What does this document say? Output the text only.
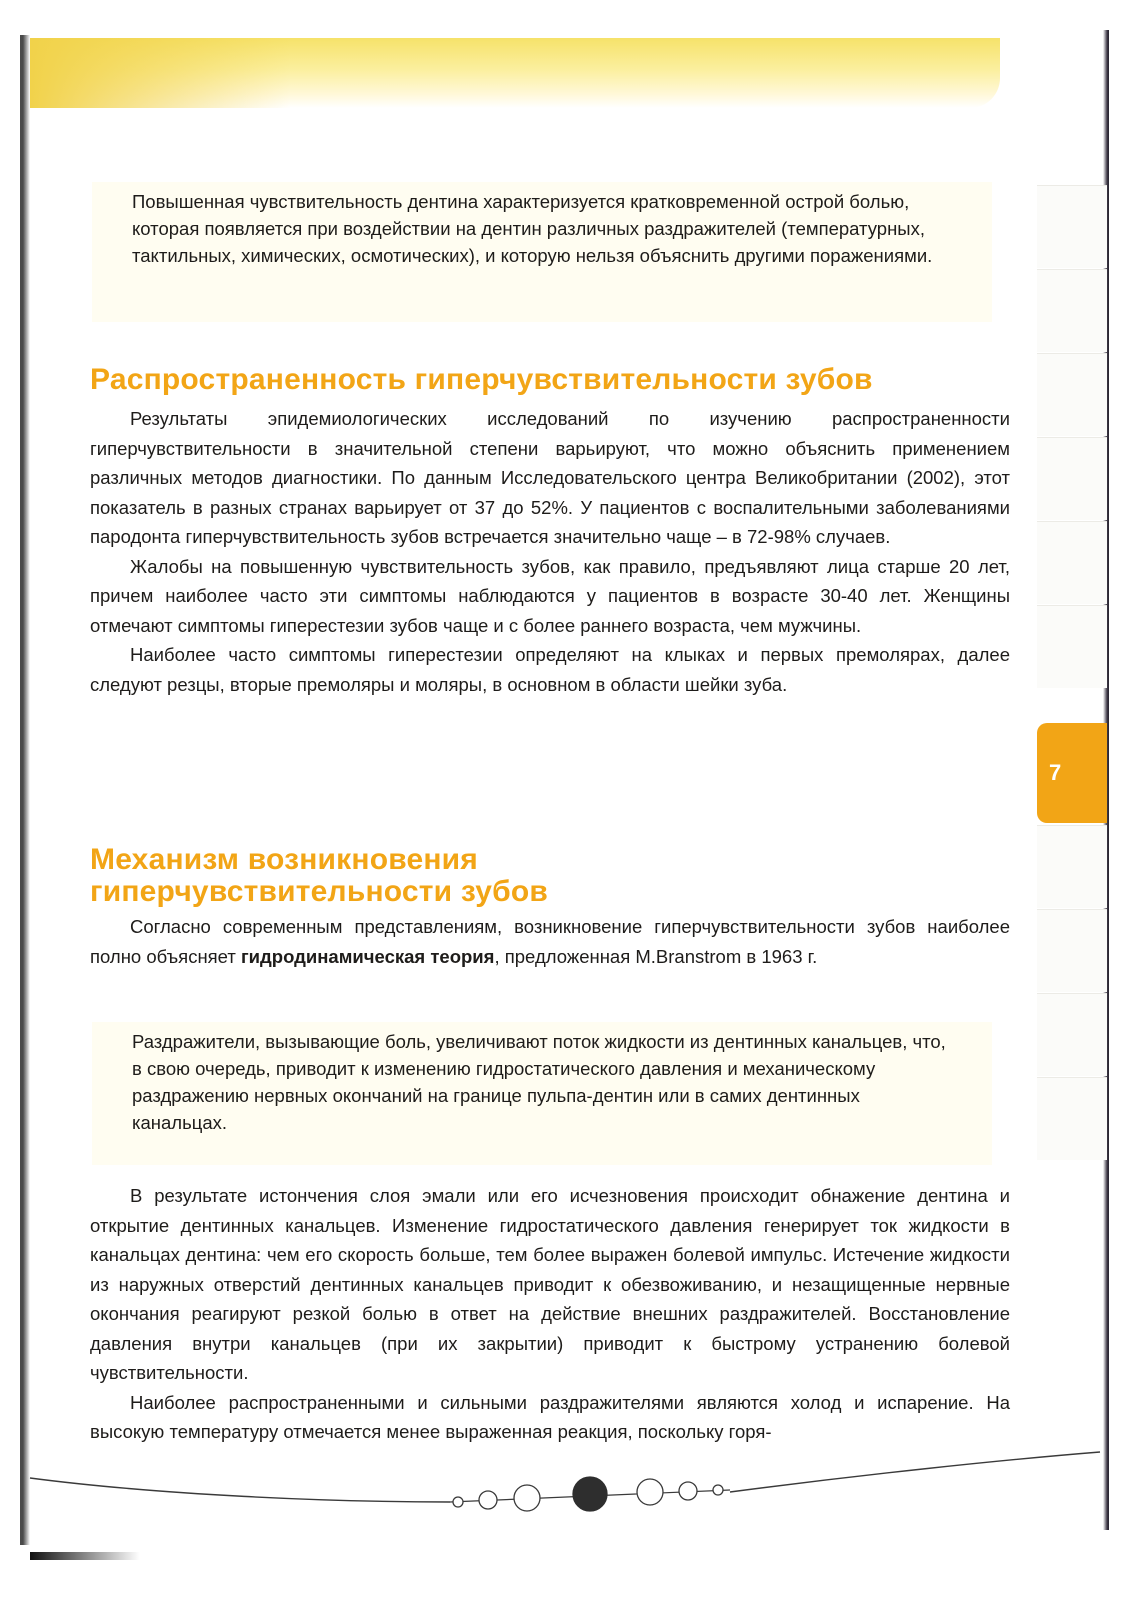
7

Повышенная чувствительность дентина характеризуется кратковременной острой болью, которая появляется при воздействии на дентин различных раздражителей (температурных, тактильных, химических, осмотических), и которую нельзя объяснить другими поражениями.

Распространенность гиперчувствительности зубов

Результаты эпидемиологических исследований по изучению распространенности гиперчувствительности в значительной степени варьируют, что можно объяснить применением различных методов диагностики. По данным Исследовательского центра Великобритании (2002), этот показатель в разных странах варьирует от 37 до 52%. У пациентов с воспалительными заболеваниями пародонта гиперчувствительность зубов встречается значительно чаще – в 72-98% случаев.

Жалобы на повышенную чувствительность зубов, как правило, предъявляют лица старше 20 лет, причем наиболее часто эти симптомы наблюдаются у пациентов в возрасте 30-40 лет. Женщины отмечают симптомы гиперестезии зубов чаще и с более раннего возраста, чем мужчины.

Наиболее часто симптомы гиперестезии определяют на клыках и первых премолярах, далее следуют резцы, вторые премоляры и моляры, в основном в области шейки зуба.

Механизм возникновения
гиперчувствительности зубов

Согласно современным представлениям, возникновение гиперчувствительности зубов наиболее полно объясняет гидродинамическая теория, предложенная M.Branstrom в 1963 г.

Раздражители, вызывающие боль, увеличивают поток жидкости из дентинных канальцев, что, в свою очередь, приводит к изменению гидростатического давления и механическому раздражению нервных окончаний на границе пульпа-дентин или в самих дентинных канальцах.

В результате истончения слоя эмали или его исчезновения происходит обнажение дентина и открытие дентинных канальцев. Изменение гидростатического давления генерирует ток жидкости в канальцах дентина: чем его скорость больше, тем более выражен болевой импульс. Истечение жидкости из наружных отверстий дентинных канальцев приводит к обезвоживанию, и незащищенные нервные окончания реагируют резкой болью в ответ на действие внешних раздражителей. Восстановление давления внутри канальцев (при их закрытии) приводит к быстрому устранению болевой чувствительности.

Наиболее распространенными и сильными раздражителями являются холод и испарение. На высокую температуру отмечается менее выраженная реакция, поскольку горя-

285
